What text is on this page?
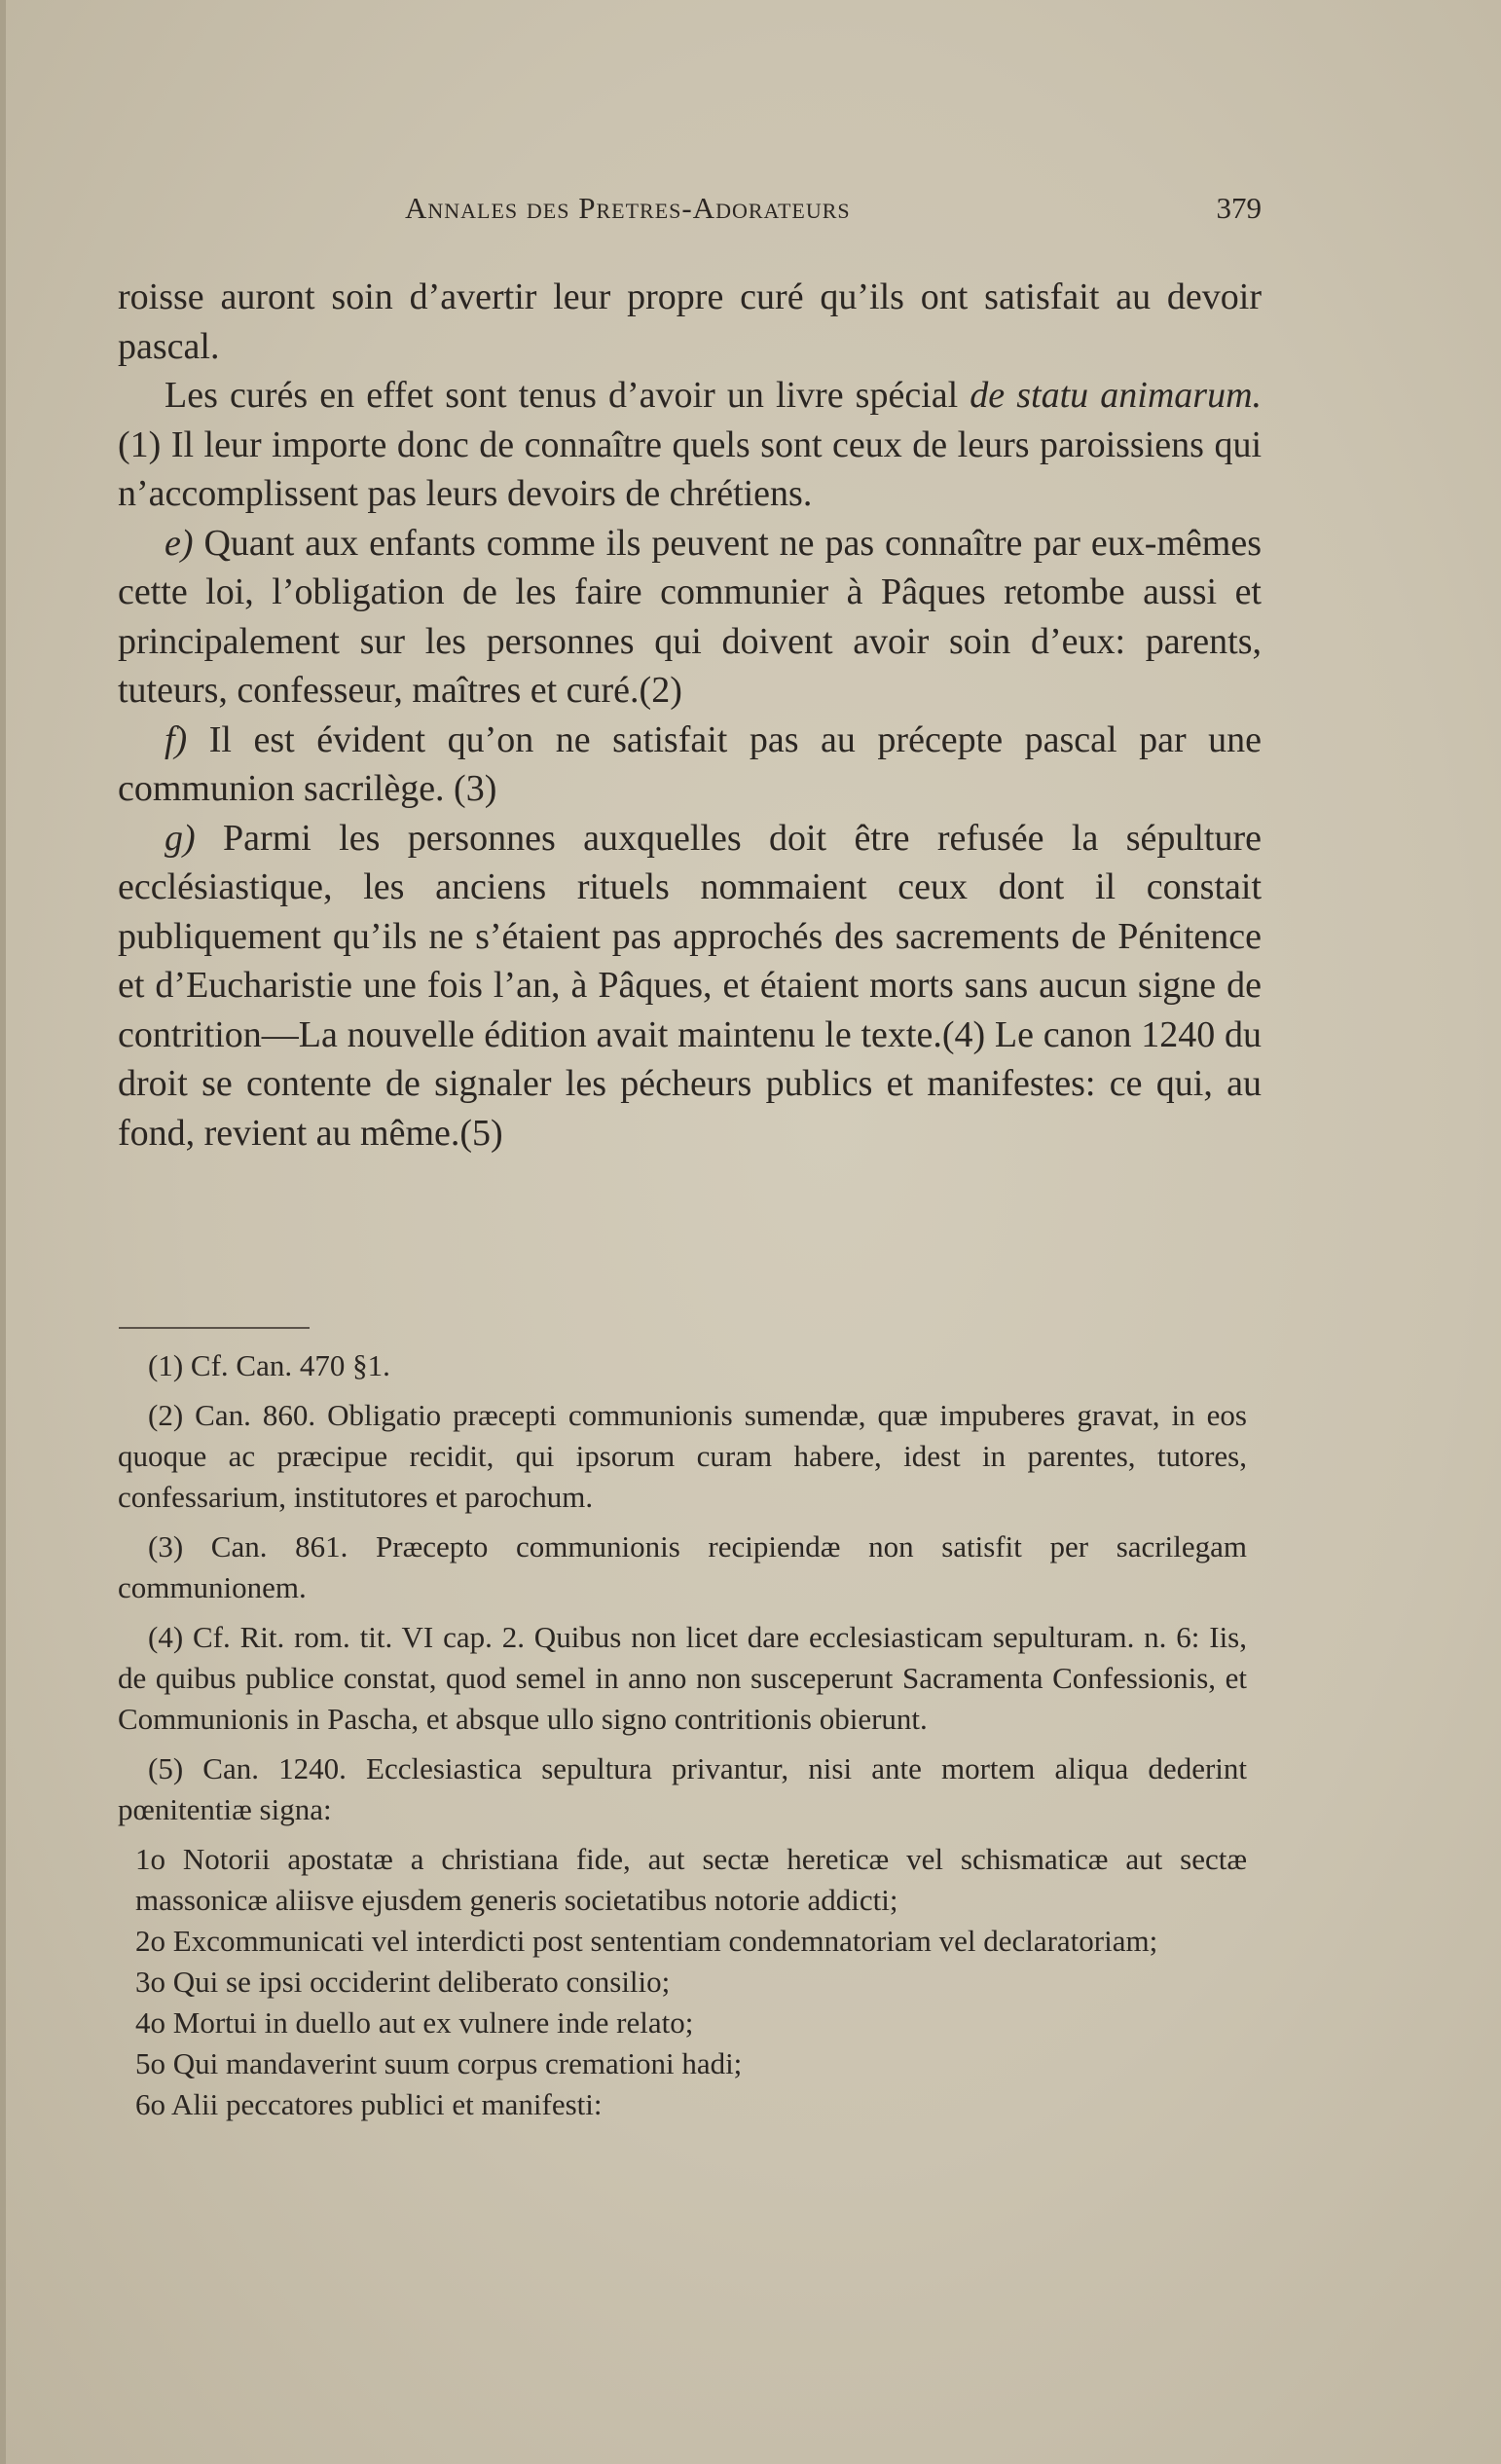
Annales des Pretres-Adorateurs	379

roisse auront soin d’avertir leur propre curé qu’ils ont satisfait au devoir pascal.

Les curés en effet sont tenus d’avoir un livre spécial de statu animarum.(1) Il leur importe donc de connaître quels sont ceux de leurs paroissiens qui n’accomplissent pas leurs devoirs de chrétiens.

e) Quant aux enfants comme ils peuvent ne pas connaître par eux-mêmes cette loi, l’obligation de les faire communier à Pâques retombe aussi et principalement sur les personnes qui doivent avoir soin d’eux: parents, tuteurs, confesseur, maîtres et curé.(2)

f) Il est évident qu’on ne satisfait pas au précepte pascal par une communion sacrilège. (3)

g) Parmi les personnes auxquelles doit être refusée la sépulture ecclésiastique, les anciens rituels nommaient ceux dont il constait publiquement qu’ils ne s’étaient pas approchés des sacrements de Pénitence et d’Eucharistie une fois l’an, à Pâques, et étaient morts sans aucun signe de contrition—La nouvelle édition avait maintenu le texte.(4) Le canon 1240 du droit se contente de signaler les pécheurs publics et manifestes: ce qui, au fond, revient au même.(5)

(1) Cf. Can. 470 §1.

(2) Can. 860. Obligatio præcepti communionis sumendæ, quæ impuberes gravat, in eos quoque ac præcipue recidit, qui ipsorum curam habere, idest in parentes, tutores, confessarium, institutores et parochum.

(3) Can. 861. Præcepto communionis recipiendæ non satisfit per sacrilegam communionem.

(4) Cf. Rit. rom. tit. VI cap. 2. Quibus non licet dare ecclesiasticam sepulturam. n. 6: Iis, de quibus publice constat, quod semel in anno non susceperunt Sacramenta Confessionis, et Communionis in Pascha, et absque ullo signo contritionis obierunt.

(5) Can. 1240. Ecclesiastica sepultura privantur, nisi ante mortem aliqua dederint pœnitentiæ signa:

1o Notorii apostatæ a christiana fide, aut sectæ hereticæ vel schismaticæ aut sectæ massonicæ aliisve ejusdem generis societatibus notorie addicti;

2o Excommunicati vel interdicti post sententiam condemnatoriam vel declaratoriam;

3o Qui se ipsi occiderint deliberato consilio;

4o Mortui in duello aut ex vulnere inde relato;

5o Qui mandaverint suum corpus cremationi hadi;

6o Alii peccatores publici et manifesti:
